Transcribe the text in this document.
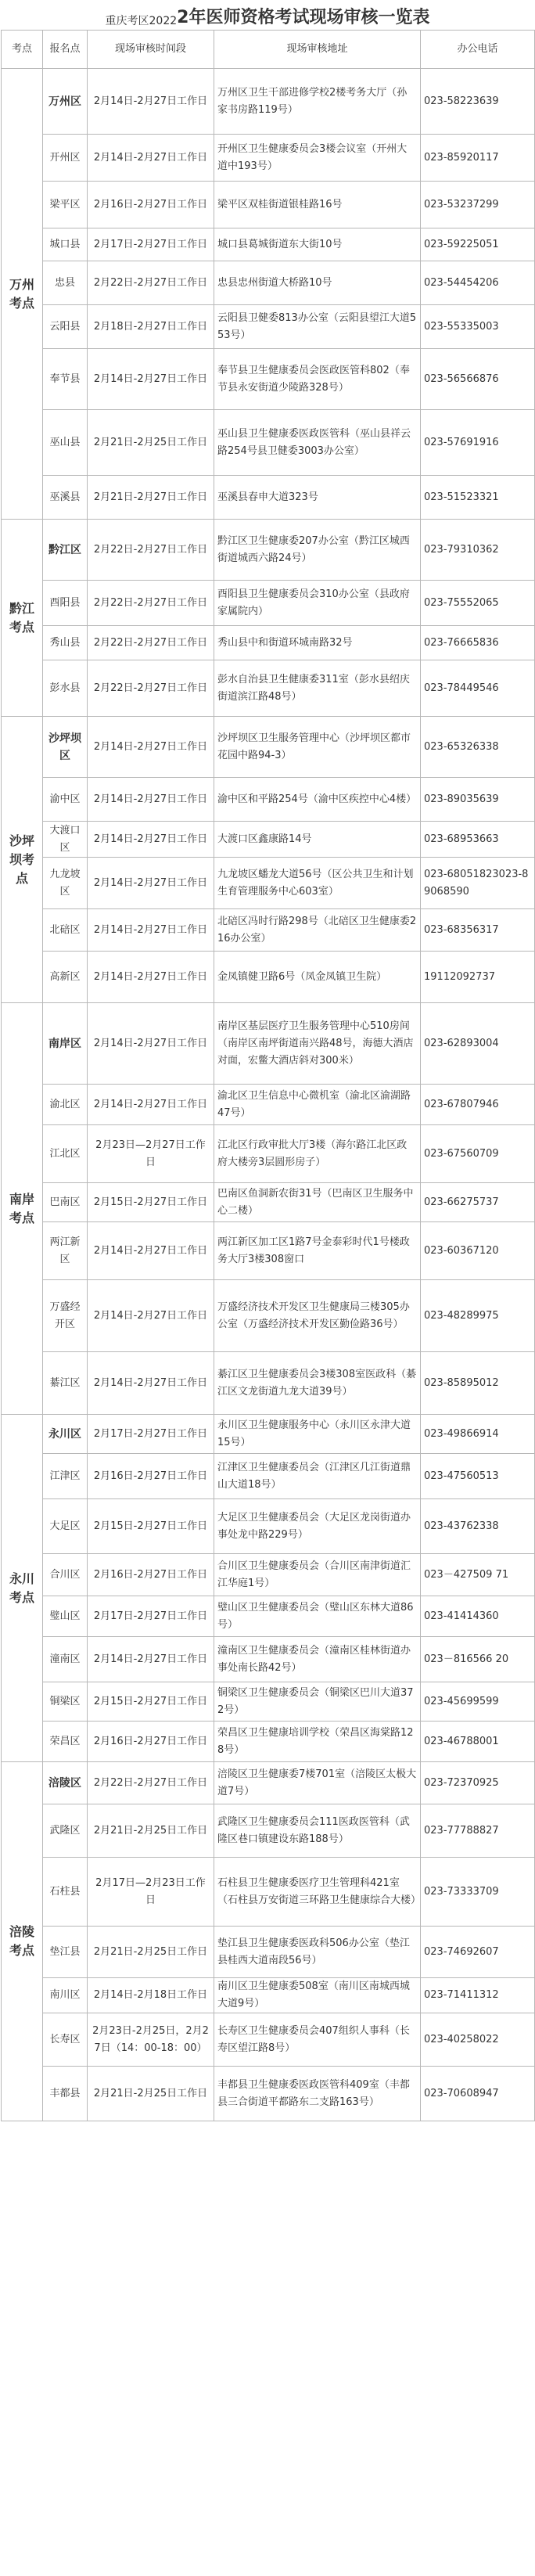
重庆考区2022 2年医师资格考试现场审核一览表
考点	报名点	现场审核时间段	现场审核地址	办公电话
万州考点	万州区	2月14日-2月27日工作日	万州区卫生干部进修学校2楼考务大厅（孙家书房路119号）	023-58223639
	开州区	2月14日-2月27日工作日	开州区卫生健康委员会3楼会议室（开州大道中193号）	023-85920117
	梁平区	2月16日-2月27日工作日	梁平区双桂街道银桂路16号	023-53237299
	城口县	2月17日-2月27日工作日	城口县葛城街道东大街10号	023-59225051
	忠县	2月22日-2月27日工作日	忠县忠州街道大桥路10号	023-54454206
	云阳县	2月18日-2月27日工作日	云阳县卫健委813办公室（云阳县望江大道553号）	023-55335003
	奉节县	2月14日-2月27日工作日	奉节县卫生健康委员会医政医管科802（奉节县永安街道少陵路328号）	023-56566876
	巫山县	2月21日-2月25日工作日	巫山县卫生健康委医政医管科（巫山县祥云路254号县卫健委3003办公室）	023-57691916
	巫溪县	2月21日-2月27日工作日	巫溪县春申大道323号	023-51523321
黔江考点	黔江区	2月22日-2月27日工作日	黔江区卫生健康委207办公室（黔江区城西街道城西六路24号）	023-79310362
	酉阳县	2月22日-2月27日工作日	酉阳县卫生健康委员会310办公室（县政府家属院内）	023-75552065
	秀山县	2月22日-2月27日工作日	秀山县中和街道环城南路32号	023-76665836
	彭水县	2月22日-2月27日工作日	彭水自治县卫生健康委311室（彭水县绍庆街道滨江路48号）	023-78449546
沙坪坝考点	沙坪坝区	2月14日-2月27日工作日	沙坪坝区卫生服务管理中心（沙坪坝区都市花园中路94-3）	023-65326338
	渝中区	2月14日-2月27日工作日	渝中区和平路254号（渝中区疾控中心4楼）	023-89035639
	大渡口区	2月14日-2月27日工作日	大渡口区鑫康路14号	023-68953663
	九龙坡区	2月14日-2月27日工作日	九龙坡区蟠龙大道56号（区公共卫生和计划生育管理服务中心603室）	023-68051823023-89068590
	北碚区	2月14日-2月27日工作日	北碚区冯时行路298号（北碚区卫生健康委216办公室）	023-68356317
	高新区	2月14日-2月27日工作日	金凤镇健卫路6号（凤金凤镇卫生院）	19112092737
南岸考点	南岸区	2月14日-2月27日工作日	南岸区基层医疗卫生服务管理中心510房间（南岸区南坪街道南兴路48号，海德大酒店对面，宏鳖大酒店斜对300米）	023-62893004
	渝北区	2月14日-2月27日工作日	渝北区卫生信息中心微机室（渝北区渝湖路47号）	023-67807946
	江北区	2月23日—2月27日工作日	江北区行政审批大厅3楼（海尔路江北区政府大楼旁3层圆形房子）	023-67560709
	巴南区	2月15日-2月27日工作日	巴南区鱼洞新农街31号（巴南区卫生服务中心二楼）	023-66275737
	两江新区	2月14日-2月27日工作日	两江新区加工区1路7号金泰彩时代1号楼政务大厅3楼308窗口	023-60367120
	万盛经开区	2月14日-2月27日工作日	万盛经济技术开发区卫生健康局三楼305办公室（万盛经济技术开发区勤俭路36号）	023-48289975
	綦江区	2月14日-2月27日工作日	綦江区卫生健康委员会3楼308室医政科（綦江区文龙街道九龙大道39号）	023-85895012
永川考点	永川区	2月17日-2月27日工作日	永川区卫生健康服务中心（永川区永津大道15号）	023-49866914
	江津区	2月16日-2月27日工作日	江津区卫生健康委员会（江津区几江街道鼎山大道18号）	023-47560513
	大足区	2月15日-2月27日工作日	大足区卫生健康委员会（大足区龙岗街道办事处龙中路229号）	023-43762338
	合川区	2月16日-2月27日工作日	合川区卫生健康委员会（合川区南津街道汇江华庭1号）	023－427509 71
	璧山区	2月17日-2月27日工作日	璧山区卫生健康委员会（璧山区东林大道86号）	023-41414360
	潼南区	2月14日-2月27日工作日	潼南区卫生健康委员会（潼南区桂林街道办事处南长路42号）	023－816566 20
	铜梁区	2月15日-2月27日工作日	铜梁区卫生健康委员会（铜梁区巴川大道372号）	023-45699599
	荣昌区	2月16日-2月27日工作日	荣昌区卫生健康培训学校（荣昌区海棠路128号）	023-46788001
涪陵考点	涪陵区	2月22日-2月27日工作日	涪陵区卫生健康委7楼701室（涪陵区太极大道7号）	023-72370925
	武隆区	2月21日-2月25日工作日	武隆区卫生健康委员会111医政医管科（武隆区巷口镇建设东路188号）	023-77788827
	石柱县	2月17日—2月23日工作日	石柱县卫生健康委医疗卫生管理科421室（石柱县万安街道三环路卫生健康综合大楼）	023-73333709
	垫江县	2月21日-2月25日工作日	垫江县卫生健康委医政科506办公室（垫江县桂西大道南段56号）	023-74692607
	南川区	2月14日-2月18日工作日	南川区卫生健康委508室（南川区南城西城大道9号）	023-71411312
	长寿区	2月23日-2月25日，2月27日（14：00-18：00）	长寿区卫生健康委员会407组织人事科（长寿区望江路8号）	023-40258022
	丰都县	2月21日-2月25日工作日	丰都县卫生健康委医政医管科409室（丰都县三合街道平都路东二支路163号）	023-70608947
